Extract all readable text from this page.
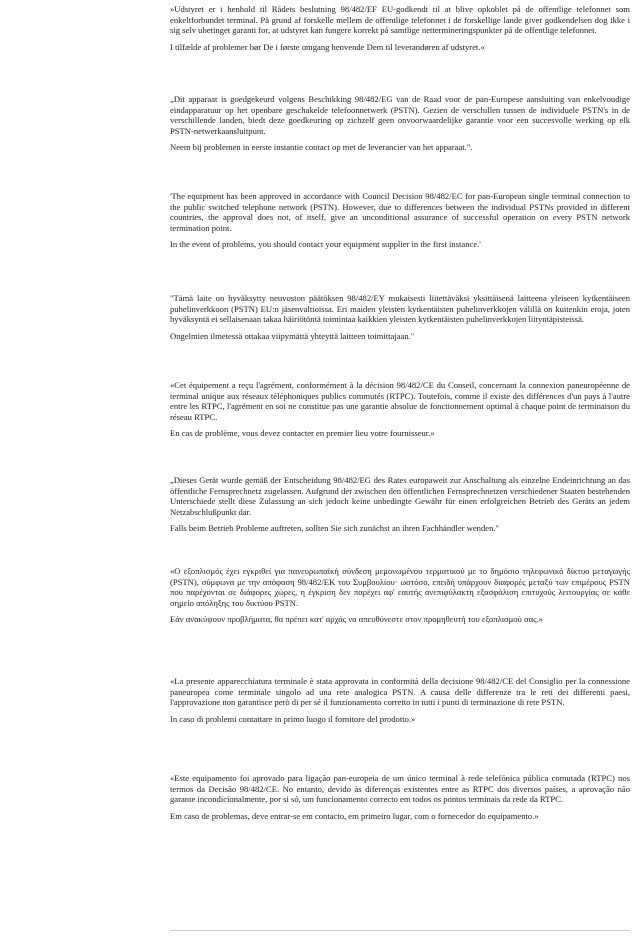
»Udstyret er i henhold til Rådets beslutning 98/482/EF EU-godkendt til at blive opkoblet på de offentlige telefonnet som enkeltforbundet terminal. På grund af forskelle mellem de offentlige telefonnet i de forskellige lande giver godkendelsen dog ikke i sig selv ubetinget garanti for, at udstyret kan fungere korrekt på samtlige nettermineringspunkter på de offentlige telefonnet.

I tilfælde af problemer bør De i første omgang henvende Dem til leverandøren af udstyret.«

„Dit apparaat is goedgekeurd volgens Beschikking 98/482/EG van de Raad voor de pan-Europese aansluiting van enkelvoudige eindapparatuur op het openbare geschakelde telefoonnetwerk (PSTN). Gezien de verschillen tussen de individuele PSTN's in de verschillende landen, biedt deze goedkeuring op zichzelf geen onvoorwaardelijke garantie voor een succesvolle werking op elk PSTN-netwerkaansluitpunt.

Neem bij problemen in eerste instantie contact op met de leverancier van het apparaat.".

'The equipment has been approved in accordance with Council Decision 98/482/EC for pan-European single terminal connection to the public switched telephone network (PSTN). However, due to differences between the individual PSTNs provided in different countries, the approval does not, of itself, give an unconditional assurance of successful operation on every PSTN network termination point.

In the event of problems, you should contact your equipment supplier in the first instance.'

"Tämä laite on hyväksytty neuvoston päätöksen 98/482/EY mukaisesti liitettäväksi yksittäisenä laitteena yleiseen kytkentäiseen puhelinverkkoon (PSTN) EU:n jäsenvaltioissa. Eri maiden yleisten kytkentäisten puhelinverkkojen välillä on kuitenkin eroja, joten hyväksyntä ei sellaisenaan takaa häiriötöntä toimintaa kaikkien yleisten kytkentäisten puhelinverkkojen liityntäpisteissä.

Ongelmien ilmetessä ottakaa viipymättä yhteyttä laitteen toimittajaan."

«Cet équipement a reçu l'agrément, conformément à la décision 98/482/CE du Conseil, concernant la connexion paneuropéenne de terminal unique aux réseaux téléphoniques publics commutés (RTPC). Toutefois, comme il existe des différences d'un pays à l'autre entre les RTPC, l'agrément en soi ne constitue pas une garantie absolue de fonctionnement optimal à chaque point de terminaison du réseau RTPC.

En cas de problème, vous devez contacter en premier lieu votre fournisseur.»

„Dieses Gerät wurde gemäß der Entscheidung 98/482/EG des Rates europaweit zur Anschaltung als einzelne Endeinrichtung an das öffentliche Fernsprechnetz zugelassen. Aufgrund der zwischen den öffentlichen Fernsprechnetzen verschiedener Staaten bestehenden Unterschiede stellt diese Zulassung an sich jedoch keine unbedingte Gewähr für einen erfolgreichen Betrieb des Geräts an jedem Netzabschlußpunkt dar.

Falls beim Betrieb Probleme auftreten, sollten Sie sich zunächst an ihren Fachhändler wenden."

«Ο εξοπλισμός έχει εγκριθεί για πανευρωπαϊκή σύνδεση μεμονωμένου τερματικού με το δημόσιο τηλεφωνικό δίκτυο μεταγωγής (PSTN), σύμφωνα με την απόφαση 98/482/ΕΚ του Συμβουλίου· ωστόσο, επειδή υπάρχουν διαφορές μεταξύ των επιμέρους PSTN που παρέχονται σε διάφορες χώρες, η έγκριση δεν παρέχει αφ' εαυτής ανεπιφύλακτη εξασφάλιση επιτυχούς λειτουργίας σε κάθε σημείο απόληξης του δικτύου PSTN.

Εάν ανακύψουν προβλήματα, θα πρέπει κατ' αρχάς να απευθύνεστε στον προμηθευτή του εξοπλισμού σας.»

«La presente apparecchiatura terminale è stata approvata in conformità della decisione 98/482/CE del Consiglio per la connessione paneuropea come terminale singolo ad una rete analogica PSTN. A causa delle differenze tra le reti dei differenti paesi, l'approvazione non garantisce però di per sé il funzionamento corretto in tutti i punti di terminazione di rete PSTN.

In caso di problemi contattare in primo luogo il fornitore del prodotto.»

«Este equipamento foi aprovado para ligação pan-europeia de um único terminal à rede telefónica pública comutada (RTPC) nos termos da Decisão 98/482/CE. No entanto, devido às diferenças existentes entre as RTPC dos diversos países, a aprovação não garante incondicionalmente, por si só, um funcionamento correcto em todos os pontos terminais da rede da RTPC.

Em caso de problemas, deve entrar-se em contacto, em primeiro lugar, com o fornecedor do equipamento.»
